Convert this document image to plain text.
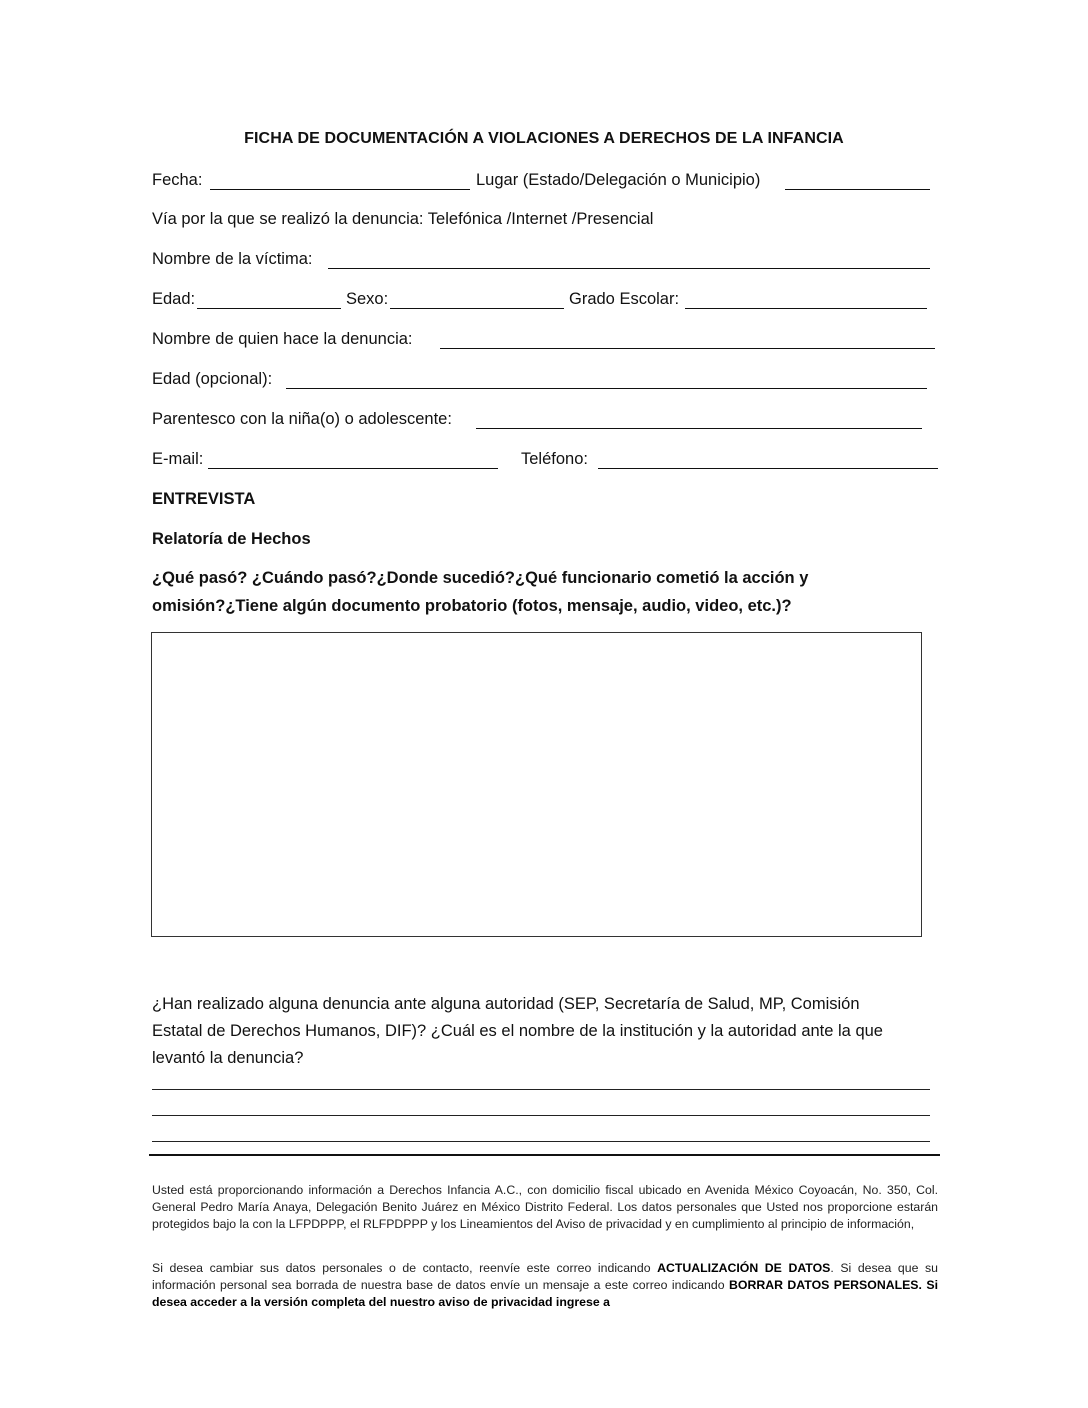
FICHA DE DOCUMENTACIÓN A VIOLACIONES A DERECHOS DE LA INFANCIA
Fecha:	Lugar (Estado/Delegación o Municipio)
Vía por la que se realizó la denuncia: Telefónica /Internet /Presencial
Nombre de la víctima:
Edad:	Sexo:	Grado Escolar:
Nombre de quien hace la denuncia:
Edad (opcional):
Parentesco con la niña(o) o adolescente:
E-mail:	Teléfono:
ENTREVISTA
Relatoría de Hechos
¿Qué pasó? ¿Cuándo pasó?¿Donde sucedió?¿Qué funcionario cometió la acción y
omisión?¿Tiene algún documento probatorio (fotos, mensaje, audio, video, etc.)?
¿Han realizado alguna denuncia ante alguna autoridad (SEP, Secretaría de Salud, MP, Comisión
Estatal de Derechos Humanos, DIF)? ¿Cuál es el nombre de la institución y la autoridad ante la que
levantó la denuncia?
Usted está proporcionando información a Derechos Infancia A.C., con domicilio fiscal ubicado en Avenida México Coyoacán, No. 350, Col. General Pedro María Anaya, Delegación Benito Juárez en México Distrito Federal. Los datos personales que Usted nos proporcione estarán protegidos bajo la con la LFPDPPP, el RLFPDPPP y los Lineamientos del Aviso de privacidad y en cumplimiento al principio de información,
Si desea cambiar sus datos personales o de contacto, reenvíe este correo indicando ACTUALIZACIÓN DE DATOS. Si desea que su información personal sea borrada de nuestra base de datos envíe un mensaje a este correo indicando BORRAR DATOS PERSONALES. Si desea acceder a la versión completa del nuestro aviso de privacidad ingrese a
